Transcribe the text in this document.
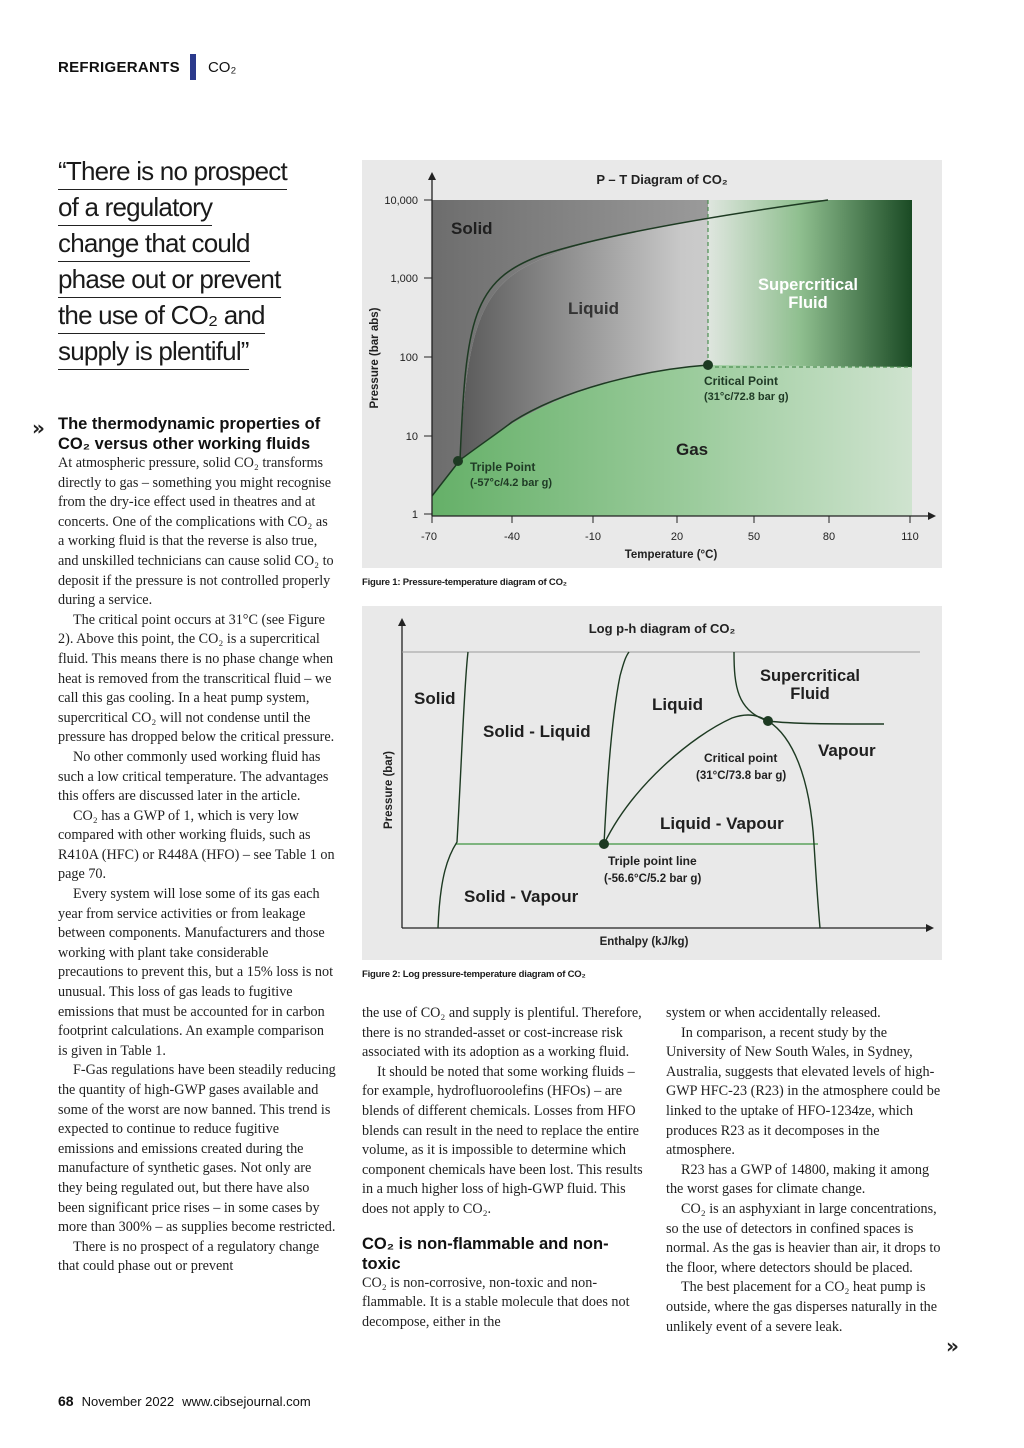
REFRIGERANTS CO₂
“There is no prospect
of a regulatory
change that could
phase out or prevent
the use of CO₂ and
supply is plentiful”
» The thermodynamic properties of CO₂ versus other working fluids

At atmospheric pressure, solid CO₂ transforms directly to gas – something you might recognise from the dry-ice effect used in theatres and at concerts. One of the complications with CO₂ as a working fluid is that the reverse is also true, and unskilled technicians can cause solid CO₂ to deposit if the pressure is not controlled properly during a service.

The critical point occurs at 31°C (see Figure 2). Above this point, the CO₂ is a supercritical fluid. This means there is no phase change when heat is removed from the transcritical fluid – we call this gas cooling. In a heat pump system, supercritical CO₂ will not condense until the pressure has dropped below the critical pressure.

No other commonly used working fluid has such a low critical temperature. The advantages this offers are discussed later in the article.

CO₂ has a GWP of 1, which is very low compared with other working fluids, such as R410A (HFC) or R448A (HFO) – see Table 1 on page 70.

Every system will lose some of its gas each year from service activities or from leakage between components. Manufacturers and those working with plant take considerable precautions to prevent this, but a 15% loss is not unusual. This loss of gas leads to fugitive emissions that must be accounted for in carbon footprint calculations. An example comparison is given in Table 1.

F-Gas regulations have been steadily reducing the quantity of high-GWP gases available and some of the worst are now banned. This trend is expected to continue to reduce fugitive emissions and emissions created during the manufacture of synthetic gases. Not only are they being regulated out, but there have also been significant price rises – in some cases by more than 300% – as supplies become restricted.

There is no prospect of a regulatory change that could phase out or prevent

10,000
1,000
100
10
1
-70	-40	-10	20	50	80	110
P – T Diagram of CO₂
Temperature (°C)
Pressure (bar abs)
Solid
Liquid
Supercritical
Fluid
Gas
Critical Point
(31°c/72.8 bar g)
Triple Point
(-57°c/4.2 bar g)
Figure 1: Pressure-temperature diagram of CO₂
Log p-h diagram of CO₂
Enthalpy (kJ/kg)
Pressure (bar)
Solid
Solid - Liquid
Liquid
Supercritical
Fluid
Vapour
Liquid - Vapour
Solid - Vapour
Critical point
(31°C/73.8 bar g)
Triple point line
(-56.6°C/5.2 bar g)
Figure 2: Log pressure-temperature diagram of CO₂

the use of CO₂ and supply is plentiful. Therefore, there is no stranded-asset or cost-increase risk associated with its adoption as a working fluid.

It should be noted that some working fluids – for example, hydrofluoroolefins (HFOs) – are blends of different chemicals. Losses from HFO blends can result in the need to replace the entire volume, as it is impossible to determine which component chemicals have been lost. This results in a much higher loss of high-GWP fluid. This does not apply to CO₂.

CO₂ is non-flammable and non-toxic

CO₂ is non-corrosive, non-toxic and non-flammable. It is a stable molecule that does not decompose, either in the

system or when accidentally released.

In comparison, a recent study by the University of New South Wales, in Sydney, Australia, suggests that elevated levels of high-GWP HFC-23 (R23) in the atmosphere could be linked to the uptake of HFO-1234ze, which produces R23 as it decomposes in the atmosphere.

R23 has a GWP of 14800, making it among the worst gases for climate change.

CO₂ is an asphyxiant in large concentrations, so the use of detectors in confined spaces is normal. As the gas is heavier than air, it drops to the floor, where detectors should be placed.

The best placement for a CO₂ heat pump is outside, where the gas disperses naturally in the unlikely event of a severe leak.

»
68 November 2022 www.cibsejournal.com
